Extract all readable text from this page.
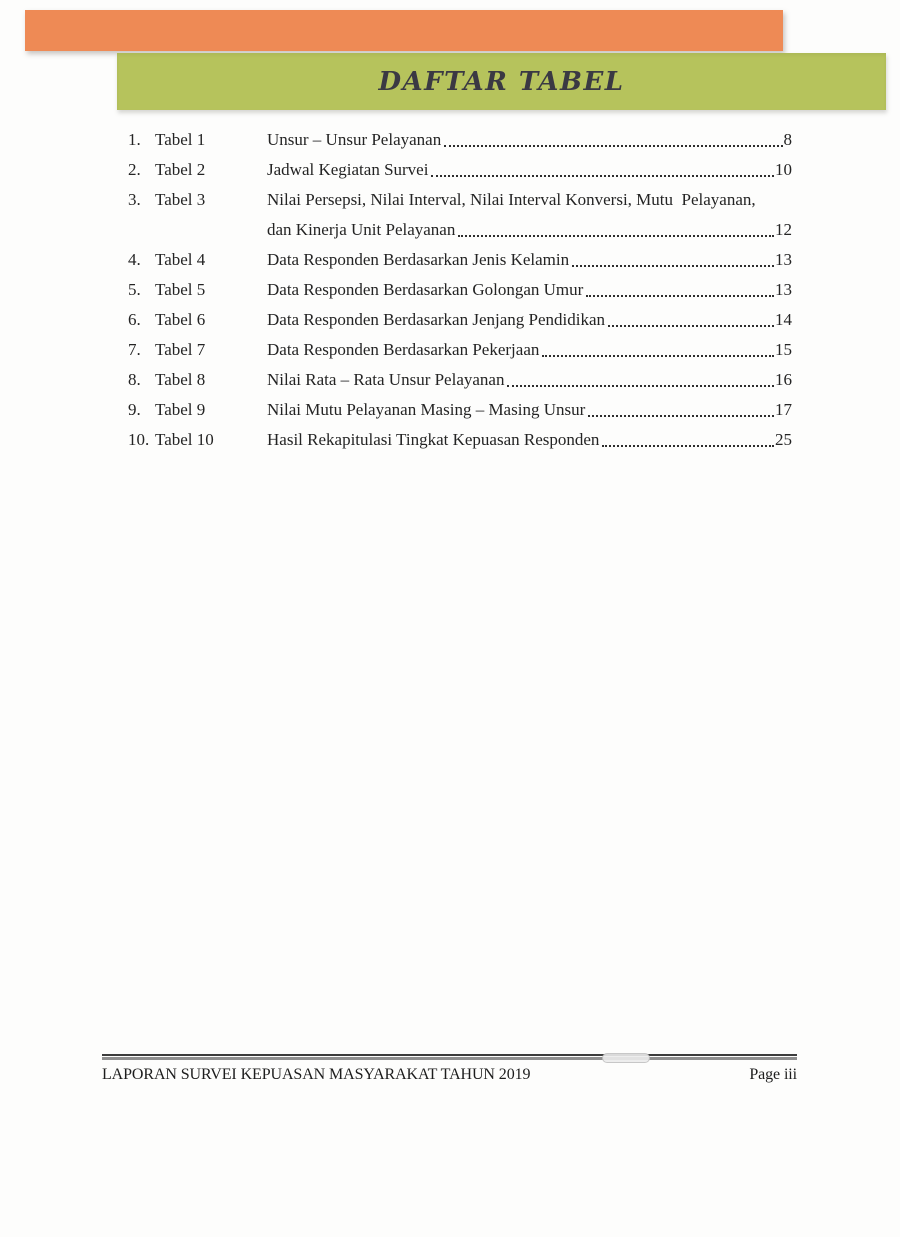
DAFTAR TABEL
1. Tabel 1	Unsur – Unsur Pelayanan	8
2. Tabel 2	Jadwal Kegiatan Survei	10
3. Tabel 3	Nilai Persepsi, Nilai Interval, Nilai Interval Konversi, Mutu  Pelayanan,
dan Kinerja Unit Pelayanan	12
4. Tabel 4	Data Responden Berdasarkan Jenis Kelamin	13
5. Tabel 5	Data Responden Berdasarkan Golongan Umur	13
6. Tabel 6	Data Responden Berdasarkan Jenjang Pendidikan	14
7. Tabel 7	Data Responden Berdasarkan Pekerjaan	15
8. Tabel 8	Nilai Rata – Rata Unsur Pelayanan	16
9. Tabel 9	Nilai Mutu Pelayanan Masing – Masing Unsur	17
10. Tabel 10	Hasil Rekapitulasi Tingkat Kepuasan Responden	25
LAPORAN SURVEI KEPUASAN MASYARAKAT TAHUN 2019	Page iii
